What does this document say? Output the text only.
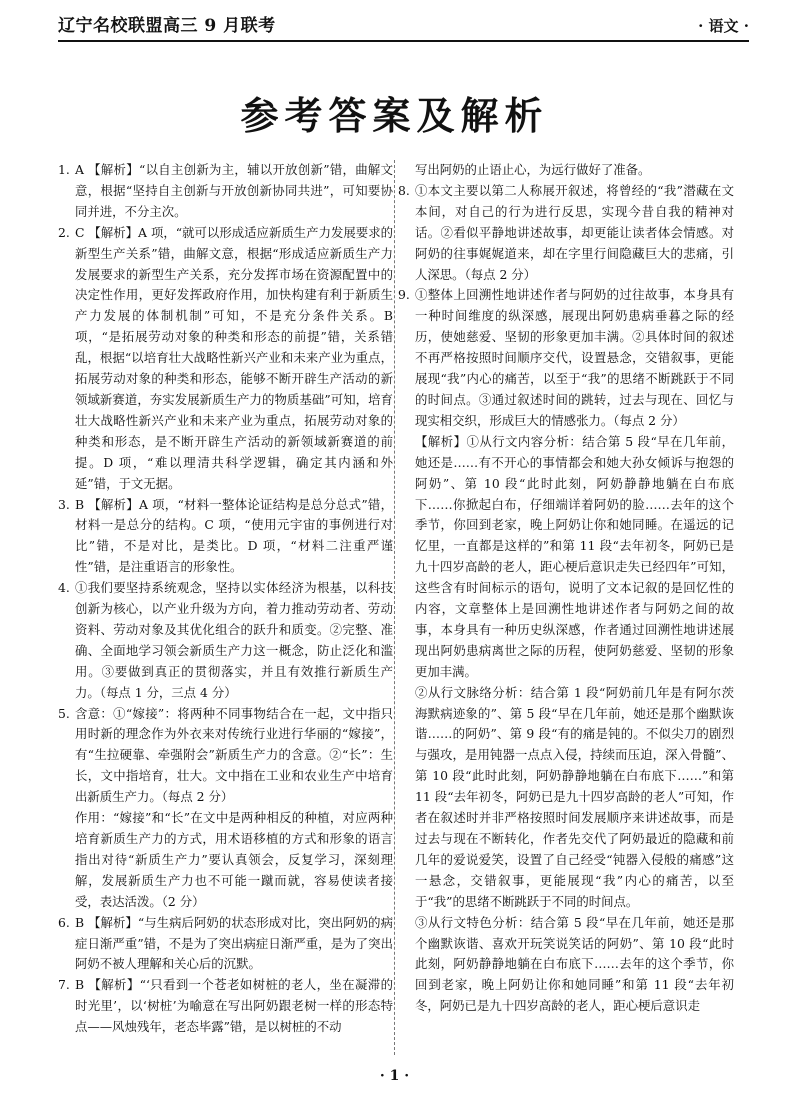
辽宁名校联盟高三 9 月联考	· 语文 ·
参考答案及解析
1. A 【解析】“以自主创新为主，辅以开放创新”错，曲解文意，根据“坚持自主创新与开放创新协同共进”，可知要协同并进，不分主次。

2. C 【解析】A 项，“就可以形成适应新质生产力发展要求的新型生产关系”错，曲解文意，根据“形成适应新质生产力发展要求的新型生产关系，充分发挥市场在资源配置中的决定性作用，更好发挥政府作用，加快构建有利于新质生产力发展的体制机制”可知，不是充分条件关系。B 项，“是拓展劳动对象的种类和形态的前提”错，关系错乱，根据“以培育壮大战略性新兴产业和未来产业为重点，拓展劳动对象的种类和形态，能够不断开辟生产活动的新领域新赛道，夯实发展新质生产力的物质基础”可知，培育壮大战略性新兴产业和未来产业为重点，拓展劳动对象的种类和形态，是不断开辟生产活动的新领域新赛道的前提。D 项，“难以理清共科学逻辑，确定其内涵和外延”错，于文无据。

3. B 【解析】A 项，“材料一整体论证结构是总分总式”错，材料一是总分的结构。C 项，“使用元宇宙的事例进行对比”错，不是对比，是类比。D 项，“材料二注重严谨性”错，是注重语言的形象性。

4. ①我们要坚持系统观念，坚持以实体经济为根基，以科技创新为核心，以产业升级为方向，着力推动劳动者、劳动资料、劳动对象及其优化组合的跃升和质变。②完整、准确、全面地学习领会新质生产力这一概念，防止泛化和滥用。③要做到真正的贯彻落实，并且有效推行新质生产力。（每点 1 分，三点 4 分）

5. 含意：①“嫁接”：将两种不同事物结合在一起，文中指只用时新的理念作为外衣来对传统行业进行华丽的“嫁接”，有“生拉硬靠、牵强附会”新质生产力的含意。②“长”：生长，文中指培育，壮大。文中指在工业和农业生产中培育出新质生产力。（每点 2 分）

作用：“嫁接”和“长”在文中是两种相反的种植，对应两种培育新质生产力的方式，用术语移植的方式和形象的语言指出对待“新质生产力”要认真领会，反复学习，深刻理解，发展新质生产力也不可能一蹴而就，容易使读者接受，表达活泼。（2 分）

6. B 【解析】“与生病后阿奶的状态形成对比，突出阿奶的病症日渐严重”错，不是为了突出病症日渐严重，是为了突出阿奶不被人理解和关心后的沉默。

7. B 【解析】“‘只看到一个苍老如树桩的老人，坐在凝滞的时光里’，以‘树桩’为喻意在写出阿奶跟老树一样的形态特点——风烛残年，老态毕露”错，是以树桩的不动

写出阿奶的止语止心，为远行做好了准备。

8. ①本文主要以第二人称展开叙述，将曾经的“我”潜藏在文本间，对自己的行为进行反思，实现今昔自我的精神对话。②看似平静地讲述故事，却更能让读者体会情感。对阿奶的往事娓娓道来，却在字里行间隐藏巨大的悲痛，引人深思。（每点 2 分）

9. ①整体上回溯性地讲述作者与阿奶的过往故事，本身具有一种时间维度的纵深感，展现出阿奶患病垂暮之际的经历，使她慈爱、坚韧的形象更加丰满。②具体时间的叙述不再严格按照时间顺序交代，设置悬念，交错叙事，更能展现“我”内心的痛苦，以至于“我”的思绪不断跳跃于不同的时间点。③通过叙述时间的跳转，过去与现在、回忆与现实相交织，形成巨大的情感张力。（每点 2 分）

【解析】①从行文内容分析：结合第 5 段“早在几年前，她还是……有不开心的事情都会和她大孙女倾诉与抱怨的阿奶”、第 10 段“此时此刻，阿奶静静地躺在白布底下……你掀起白布，仔细端详着阿奶的脸……去年的这个季节，你回到老家，晚上阿奶让你和她同睡。在遥远的记忆里，一直都是这样的”和第 11 段“去年初冬，阿奶已是九十四岁高龄的老人，距心梗后意识走失已经四年”可知，这些含有时间标示的语句，说明了文本记叙的是回忆性的内容，文章整体上是回溯性地讲述作者与阿奶之间的故事，本身具有一种历史纵深感，作者通过回溯性地讲述展现出阿奶患病离世之际的历程，使阿奶慈爱、坚韧的形象更加丰满。

②从行文脉络分析：结合第 1 段“阿奶前几年是有阿尔茨海默病迹象的”、第 5 段“早在几年前，她还是那个幽默诙谐……的阿奶”、第 9 段“有的痛是钝的。不似尖刀的剧烈与强攻，是用钝器一点点入侵，持续而压迫，深入骨髓”、第 10 段“此时此刻，阿奶静静地躺在白布底下……”和第 11 段“去年初冬，阿奶已是九十四岁高龄的老人”可知，作者在叙述时并非严格按照时间发展顺序来讲述故事，而是过去与现在不断转化，作者先交代了阿奶最近的隐藏和前几年的爱说爱笑，设置了自己经受“钝器入侵般的痛感”这一悬念，交错叙事，更能展现“我”内心的痛苦，以至于“我”的思绪不断跳跃于不同的时间点。

③从行文特色分析：结合第 5 段“早在几年前，她还是那个幽默诙谐、喜欢开玩笑说笑话的阿奶”、第 10 段“此时此刻，阿奶静静地躺在白布底下……去年的这个季节，你回到老家，晚上阿奶让你和她同睡”和第 11 段“去年初冬，阿奶已是九十四岁高龄的老人，距心梗后意识走

· 1 ·
